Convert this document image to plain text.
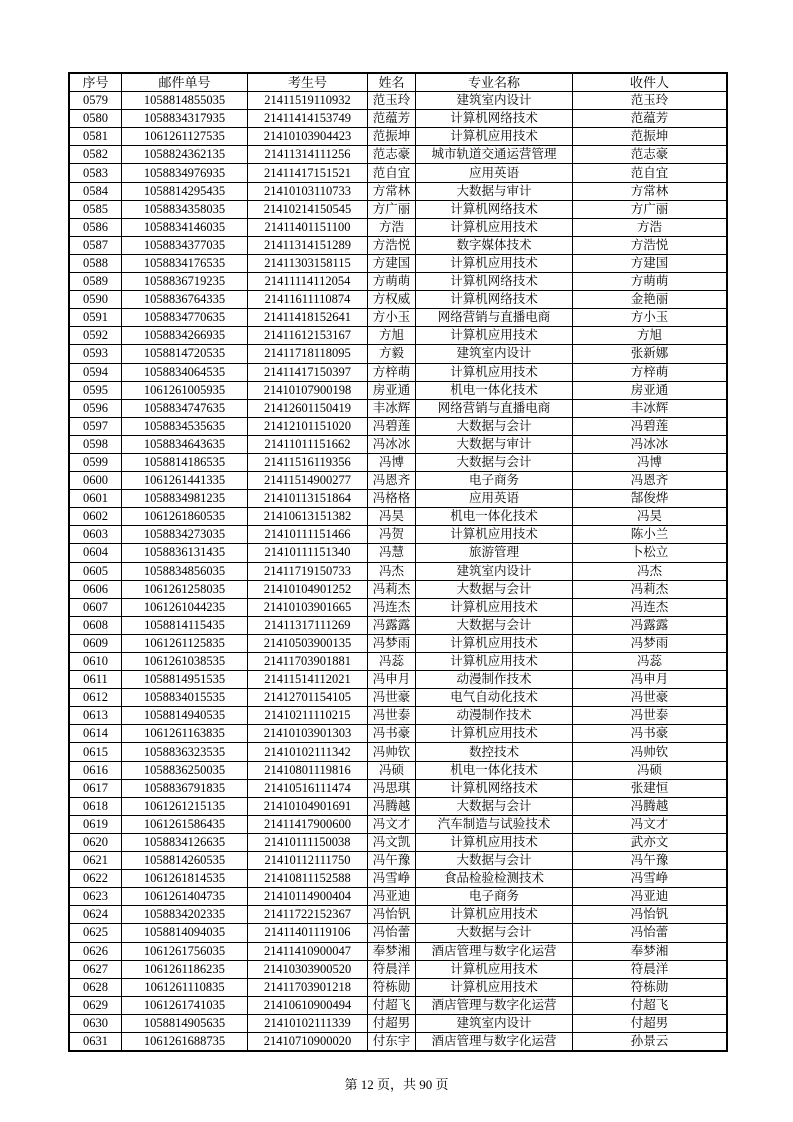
序号	邮件单号	考生号	姓名	专业名称	收件人
0579	1058814855035	21411519110932	范玉玲	建筑室内设计	范玉玲
0580	1058834317935	21411414153749	范蕴芳	计算机网络技术	范蕴芳
0581	1061261127535	21410103904423	范振坤	计算机应用技术	范振坤
0582	1058824362135	21411314111256	范志豪	城市轨道交通运营管理	范志豪
0583	1058834976935	21411417151521	范自宜	应用英语	范自宜
0584	1058814295435	21410103110733	方常林	大数据与审计	方常林
0585	1058834358035	21410214150545	方广丽	计算机网络技术	方广丽
0586	1058834146035	21411401151100	方浩	计算机应用技术	方浩
0587	1058834377035	21411314151289	方浩悦	数字媒体技术	方浩悦
0588	1058834176535	21411303158115	方建国	计算机应用技术	方建国
0589	1058836719235	21411114112054	方萌萌	计算机网络技术	方萌萌
0590	1058836764335	21411611110874	方权威	计算机网络技术	金艳丽
0591	1058834770635	21411418152641	方小玉	网络营销与直播电商	方小玉
0592	1058834266935	21411612153167	方旭	计算机应用技术	方旭
0593	1058814720535	21411718118095	方毅	建筑室内设计	张新娜
0594	1058834064535	21411417150397	方梓萌	计算机应用技术	方梓萌
0595	1061261005935	21410107900198	房亚通	机电一体化技术	房亚通
0596	1058834747635	21412601150419	丰冰辉	网络营销与直播电商	丰冰辉
0597	1058834535635	21412101151020	冯碧莲	大数据与会计	冯碧莲
0598	1058834643635	21411011151662	冯冰冰	大数据与审计	冯冰冰
0599	1058814186535	21411516119356	冯博	大数据与会计	冯博
0600	1061261441335	21411514900277	冯恩齐	电子商务	冯恩齐
0601	1058834981235	21410113151864	冯格格	应用英语	郜俊烨
0602	1061261860535	21410613151382	冯昊	机电一体化技术	冯昊
0603	1058834273035	21410111151466	冯贺	计算机应用技术	陈小兰
0604	1058836131435	21410111151340	冯慧	旅游管理	卜松立
0605	1058834856035	21411719150733	冯杰	建筑室内设计	冯杰
0606	1061261258035	21410104901252	冯莉杰	大数据与会计	冯莉杰
0607	1061261044235	21410103901665	冯连杰	计算机应用技术	冯连杰
0608	1058814115435	21411317111269	冯露露	大数据与会计	冯露露
0609	1061261125835	21410503900135	冯梦雨	计算机应用技术	冯梦雨
0610	1061261038535	21411703901881	冯蕊	计算机应用技术	冯蕊
0611	1058814951535	21411514112021	冯申月	动漫制作技术	冯申月
0612	1058834015535	21412701154105	冯世豪	电气自动化技术	冯世豪
0613	1058814940535	21410211110215	冯世泰	动漫制作技术	冯世泰
0614	1061261163835	21410103901303	冯书豪	计算机应用技术	冯书豪
0615	1058836323535	21410102111342	冯帅钦	数控技术	冯帅钦
0616	1058836250035	21410801119816	冯硕	机电一体化技术	冯硕
0617	1058836791835	21410516111474	冯思琪	计算机网络技术	张建恒
0618	1061261215135	21410104901691	冯腾越	大数据与会计	冯腾越
0619	1061261586435	21411417900600	冯文才	汽车制造与试验技术	冯文才
0620	1058834126635	21410111150038	冯文凯	计算机应用技术	武亦文
0621	1058814260535	21410112111750	冯午豫	大数据与会计	冯午豫
0622	1061261814535	21410811152588	冯雪峥	食品检验检测技术	冯雪峥
0623	1061261404735	21410114900404	冯亚迪	电子商务	冯亚迪
0624	1058834202335	21411722152367	冯怡钒	计算机应用技术	冯怡钒
0625	1058814094035	21411401119106	冯怡蕾	大数据与会计	冯怡蕾
0626	1061261756035	21411410900047	奉梦湘	酒店管理与数字化运营	奉梦湘
0627	1061261186235	21410303900520	符晨洋	计算机应用技术	符晨洋
0628	1061261110835	21411703901218	符栋勋	计算机应用技术	符栋勋
0629	1061261741035	21410610900494	付超飞	酒店管理与数字化运营	付超飞
0630	1058814905635	21410102111339	付超男	建筑室内设计	付超男
0631	1061261688735	21410710900020	付东宇	酒店管理与数字化运营	孙景云
第 12 页，共 90 页
